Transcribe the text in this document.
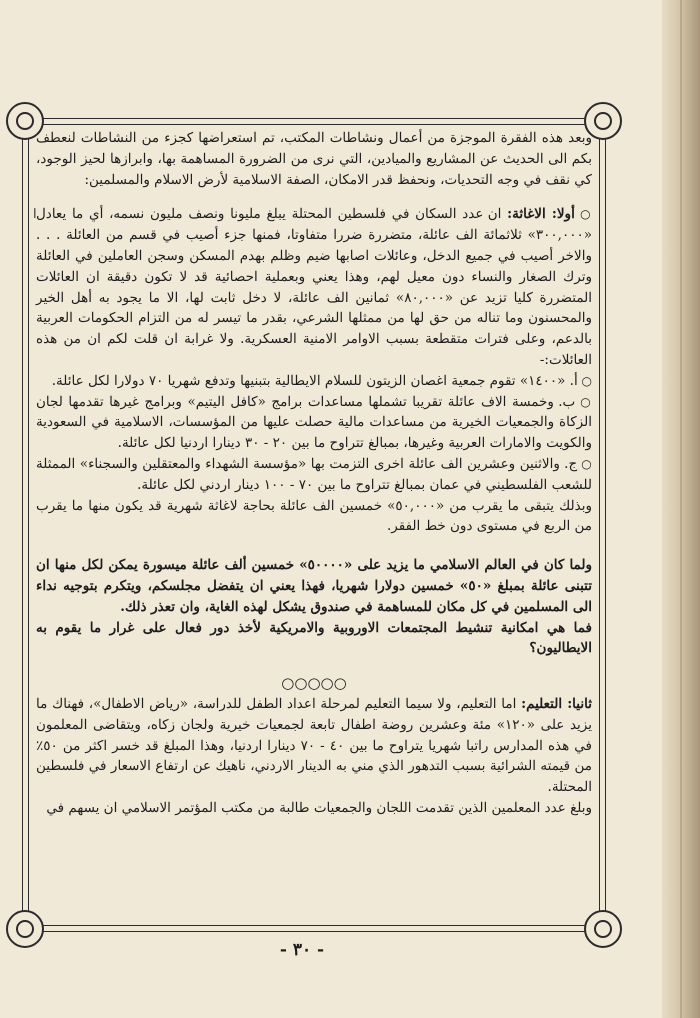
ا

وبعد هذه الفقرة الموجزة من أعمال ونشاطات المكتب، تم استعراضها كجزء من النشاطات لنعطف بكم الى الحديث عن المشاريع والميادين، التي نرى من الضرورة المساهمة بها، وابرازها لحيز الوجود، كي نقف في وجه التحديات، ونحفظ قدر الامكان، الصفة الاسلامية لأرض الاسلام والمسلمين:

○ أولا: الاغاثة: ان عدد السكان في فلسطين المحتلة يبلغ مليونا ونصف مليون نسمه، أي ما يعادل «٣٠٠,٠٠٠» ثلاثمائة الف عائلة، متضررة ضررا متفاوتا، فمنها جزء أصيب في قسم من العائلة . . . والاخر أصيب في جميع الدخل، وعائلات اصابها ضيم وظلم بهدم المسكن وسجن العاملين في العائلة وترك الصغار والنساء دون معيل لهم، وهذا يعني وبعملية احصائية قد لا تكون دقيقة ان العائلات المتضررة كليا تزيد عن «٨٠,٠٠٠» ثمانين الف عائلة، لا دخل ثابت لها، الا ما يجود به أهل الخير والمحسنون وما تناله من حق لها من ممثلها الشرعي، بقدر ما تيسر له من التزام الحكومات العربية بالدعم، وعلى فترات متقطعة بسبب الاوامر الامنية العسكرية. ولا غرابة ان قلت لكم ان من هذه العائلات:-

○ أ. «١٤٠٠» تقوم جمعية اغصان الزيتون للسلام الايطالية بتبنيها وتدفع شهريا ٧٠ دولارا لكل عائلة.

○ ب. وخمسة الاف عائلة تقريبا تشملها مساعدات برامج «كافل اليتيم» وبرامج غيرها تقدمها لجان الزكاة والجمعيات الخيرية من مساعدات مالية حصلت عليها من المؤسسات، الاسلامية في السعودية والكويت والامارات العربية وغيرها، بمبالغ تتراوح ما بين ٢٠ - ٣٠ دينارا اردنيا لكل عائلة.

○ ج. والاثنين وعشرين الف عائلة اخرى التزمت بها «مؤسسة الشهداء والمعتقلين والسجناء» الممثلة للشعب الفلسطيني في عمان بمبالغ تتراوح ما بين ٧٠ - ١٠٠ دينار اردني لكل عائلة.

وبذلك يتبقى ما يقرب من «٥٠,٠٠٠» خمسين الف عائلة بحاجة لاغاثة شهرية قد يكون منها ما يقرب من الربع في مستوى دون خط الفقر.

ولما كان في العالم الاسلامي ما يزيد على «٥٠٠٠٠» خمسين ألف عائلة ميسورة يمكن لكل منها ان تتبنى عائلة بمبلغ «٥٠» خمسين دولارا شهريا، فهذا يعني ان يتفضل مجلسكم، ويتكرم بتوجيه نداء الى المسلمين في كل مكان للمساهمة في صندوق يشكل لهذه الغاية، وان تعذر ذلك.

فما هي امكانية تنشيط المجتمعات الاوروبية والامريكية لأخذ دور فعال على غرار ما يقوم به الايطاليون؟

○○○○○

ثانيا: التعليم: اما التعليم، ولا سيما التعليم لمرحلة اعداد الطفل للدراسة، «رياض الاطفال»، فهناك ما يزيد على «١٢٠» مئة وعشرين روضة اطفال تابعة لجمعيات خيرية ولجان زكاه، ويتقاضى المعلمون في هذه المدارس راتبا شهريا يتراوح ما بين ٤٠ - ٧٠ دينارا اردنيا، وهذا المبلغ قد خسر اكثر من ٥٠٪ من قيمته الشرائية بسبب التدهور الذي مني به الدينار الاردني، ناهيك عن ارتفاع الاسعار في فلسطين المحتلة.

وبلغ عدد المعلمين الذين تقدمت اللجان والجمعيات طالبة من مكتب المؤتمر الاسلامي ان يسهم في

- ٣٠ -
